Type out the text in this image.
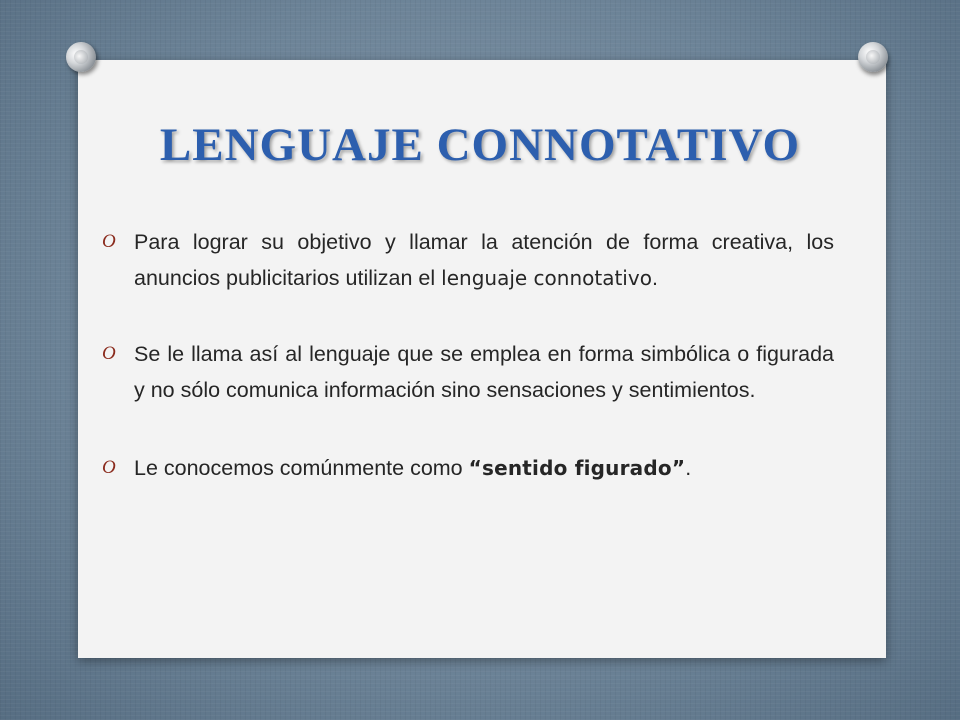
LENGUAJE CONNOTATIVO
O Para lograr su objetivo y llamar la atención de forma creativa, los anuncios publicitarios utilizan el lenguaje connotativo.
O Se le llama así al lenguaje que se emplea en forma simbólica o figurada y no sólo comunica información sino sensaciones y sentimientos.
O Le conocemos comúnmente como “sentido figurado”.
